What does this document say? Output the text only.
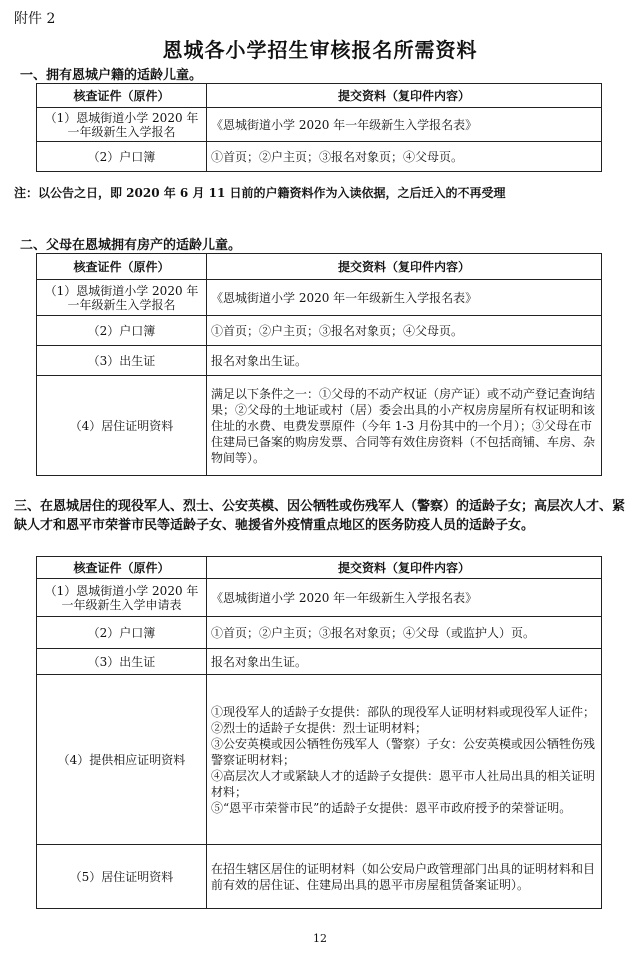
附件 2
恩城各小学招生审核报名所需资料
一、拥有恩城户籍的适龄儿童。
核查证件（原件）	提交资料（复印件内容）
（1）恩城街道小学 2020 年一年级新生入学报名	《恩城街道小学 2020 年一年级新生入学报名表》
（2）户口簿	①首页；②户主页；③报名对象页；④父母页。
注：以公告之日，即 2020 年 6 月 11 日前的户籍资料作为入读依据，之后迁入的不再受理
二、父母在恩城拥有房产的适龄儿童。
核查证件（原件）	提交资料（复印件内容）
（1）恩城街道小学 2020 年一年级新生入学报名	《恩城街道小学 2020 年一年级新生入学报名表》
（2）户口簿	①首页；②户主页；③报名对象页；④父母页。
（3）出生证	报名对象出生证。
（4）居住证明资料	满足以下条件之一：①父母的不动产权证（房产证）或不动产登记查询结果；②父母的土地证或村（居）委会出具的小产权房房屋所有权证明和该住址的水费、电费发票原件（今年 1-3 月份其中的一个月）；③父母在市住建局已备案的购房发票、合同等有效住房资料（不包括商铺、车房、杂物间等）。
三、在恩城居住的现役军人、烈士、公安英模、因公牺牲或伤残军人（警察）的适龄子女；高层次人才、紧缺人才和恩平市荣誉市民等适龄子女、驰援省外疫情重点地区的医务防疫人员的适龄子女。
核查证件（原件）	提交资料（复印件内容）
（1）恩城街道小学 2020 年一年级新生入学申请表	《恩城街道小学 2020 年一年级新生入学报名表》
（2）户口簿	①首页；②户主页；③报名对象页；④父母（或监护人）页。
（3）出生证	报名对象出生证。
（4）提供相应证明资料	①现役军人的适龄子女提供：部队的现役军人证明材料或现役军人证件；
②烈士的适龄子女提供：烈士证明材料；
③公安英模或因公牺牲伤残军人（警察）子女：公安英模或因公牺牲伤残警察证明材料；
④高层次人才或紧缺人才的适龄子女提供：恩平市人社局出具的相关证明材料；
⑤“恩平市荣誉市民”的适龄子女提供：恩平市政府授予的荣誉证明。

（5）居住证明资料	在招生辖区居住的证明材料（如公安局户政管理部门出具的证明材料和目前有效的居住证、住建局出具的恩平市房屋租赁备案证明）。
12
